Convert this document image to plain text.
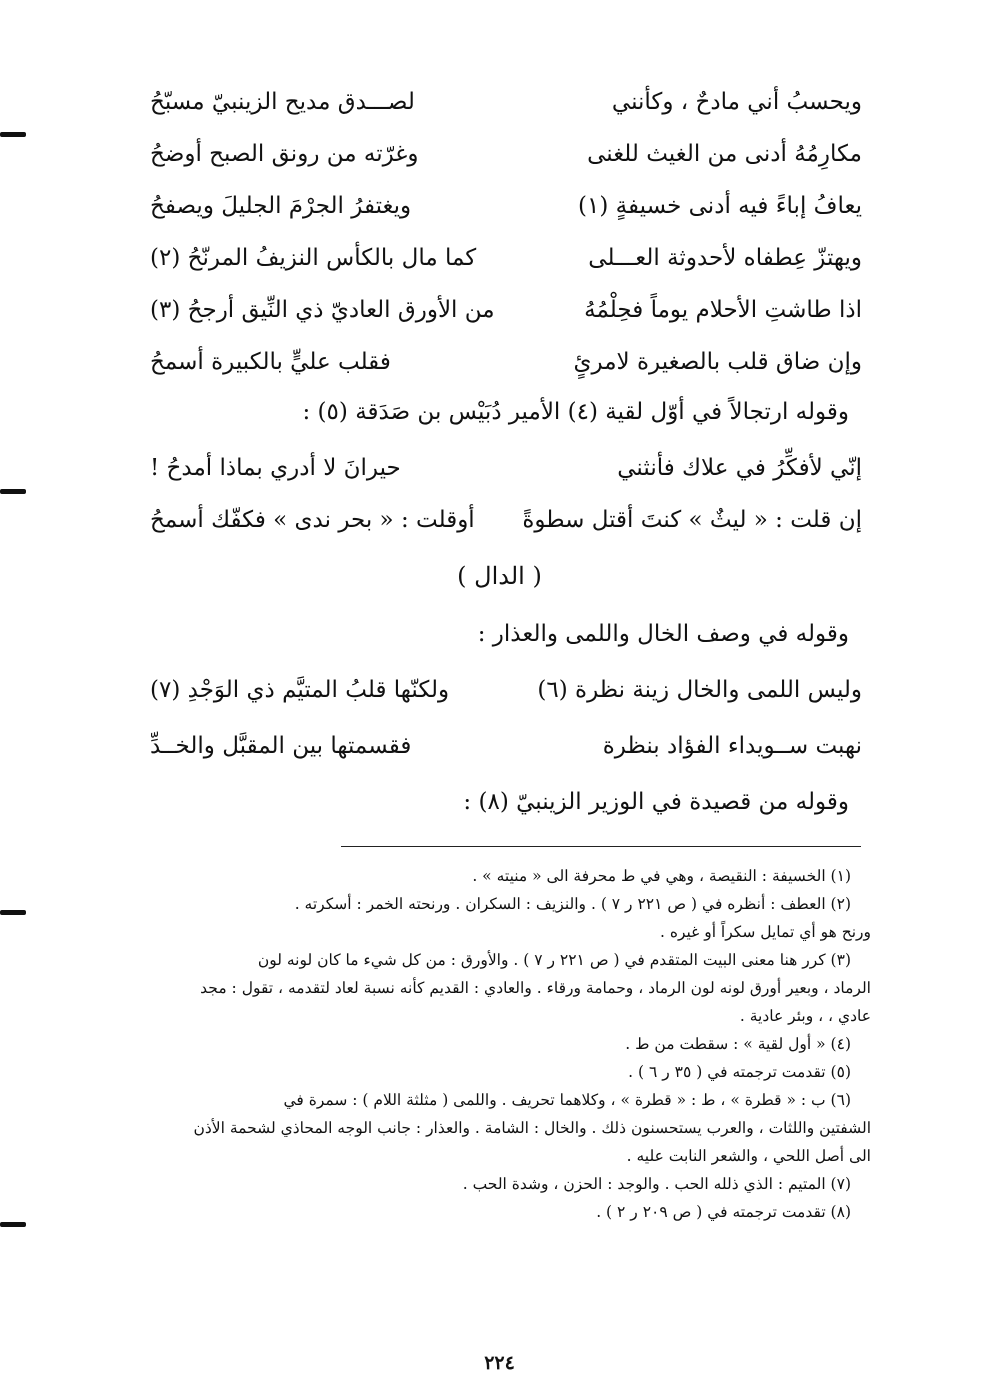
ويحسبُ أني مادحٌ ، وكأنني
لصـــدق مديح الزينبيّ مسبّحُ
مكارِمُهُ أدنى من الغيث للغنى
وغرّته من رونق الصبح أوضحُ
يعافُ إباءً فيه أدنى خسيفةٍ (١)
ويغتفرُ الجرْمَ الجليلَ ويصفحُ
ويهتزّ عِطفاه لأحدوثة العـــلى
كما مال بالكأس النزيفُ المرنّحُ (٢)
اذا طاشتِ الأحلام يوماً فحِلْمُهُ
من الأورق العاديّ ذي النِّيق أرجحُ (٣)
وإن ضاق قلب بالصغيرة لامرئٍ
فقلب عليٍّ بالكبيرة أسمحُ
وقوله ارتجالاً في أوّل لقية (٤) الأمير دُبَيْس بن صَدَقة (٥) :
إنّي لأفكِّرُ في علاك فأنثني
حيرانَ لا أدري بماذا أمدحُ !
إن قلت : « ليثٌ » كنتَ أقتل سطوةً
أوقلت : « بحر ندى » فكفّك أسمحُ
( الدال )
وقوله في وصف الخال واللمى والعذار :
وليس اللمى والخال زينة نظرة (٦)
ولكنّها قلبُ المتيَّم ذي الوَجْدِ (٧)
نهبت ســويداء الفؤاد بنظرة
فقسمتها بين المقبَّل والخــدِّ
وقوله من قصيدة في الوزير الزينبيّ (٨) :

(١) الخسيفة : النقيصة ، وهي في ط محرفة الى « منيته » .

(٢) العطف : أنظره في ( ص ٢٢١ ر ٧ ) . والنزيف : السكران . ورنحته الخمر : أسكرته .

ورنح هو أي تمايل سكراً أو غيره .

(٣) كرر هنا معنى البيت المتقدم في ( ص ٢٢١ ر ٧ ) . والأورق : من كل شيء ما كان لونه لون

الرماد ، وبعير أورق لونه لون الرماد ، وحمامة ورقاء . والعادي : القديم كأنه نسبة لعاد لتقدمه ، تقول : مجد

عادي ، ، وبئر عادية .

(٤) « أول لقية » : سقطت من ط .

(٥) تقدمت ترجمته في ( ٣٥ ر ٦ ) .

(٦) ب : « قطرة » ، ط : « قطرة » ، وكلاهما تحريف . واللمى ( مثلثة اللام ) : سمرة في

الشفتين واللثات ، والعرب يستحسنون ذلك . والخال : الشامة . والعذار : جانب الوجه المحاذي لشحمة الأذن

الى أصل اللحي ، والشعر النابت عليه .

(٧) المتيم : الذي ذلله الحب . والوجد : الحزن ، وشدة الحب .

(٨) تقدمت ترجمته في ( ص ٢٠٩ ر ٢ ) .

٢٢٤
